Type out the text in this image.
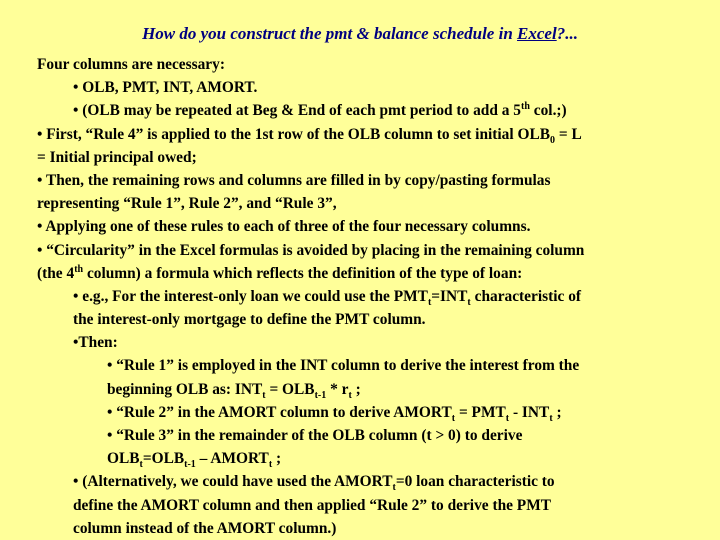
How do you construct the pmt & balance schedule in Excel?...
Four columns are necessary:
• OLB, PMT, INT, AMORT.
• (OLB may be repeated at Beg & End of each pmt period to add a 5th col.;)
• First, “Rule 4” is applied to the 1st row of the OLB column to set initial $OLB_0 = L$
= Initial principal owed;
• Then, the remaining rows and columns are filled in by copy/pasting formulas
representing “Rule 1”, Rule 2”, and “Rule 3”,
• Applying one of these rules to each of three of the four necessary columns.
• “Circularity” in the Excel formulas is avoided by placing in the remaining column
(the 4th column) a formula which reflects the definition of the type of loan:
• e.g., For the interest-only loan we could use the $PMT_t=INT_t$ characteristic of
the interest-only mortgage to define the PMT column.
•Then:
• “Rule 1” is employed in the INT column to derive the interest from the
beginning OLB as: $INT_t = OLB_{t-1} * r_t$ ;
• “Rule 2” in the AMORT column to derive $AMORT_t = PMT_t - INT_t$ ;
• “Rule 3” in the remainder of the OLB column (t > 0) to derive
$OLB_t=OLB_{t-1}$ – $AMORT_t$ ;
• (Alternatively, we could have used the $AMORT_t=0$ loan characteristic to
define the AMORT column and then applied “Rule 2” to derive the PMT
column instead of the AMORT column.)
